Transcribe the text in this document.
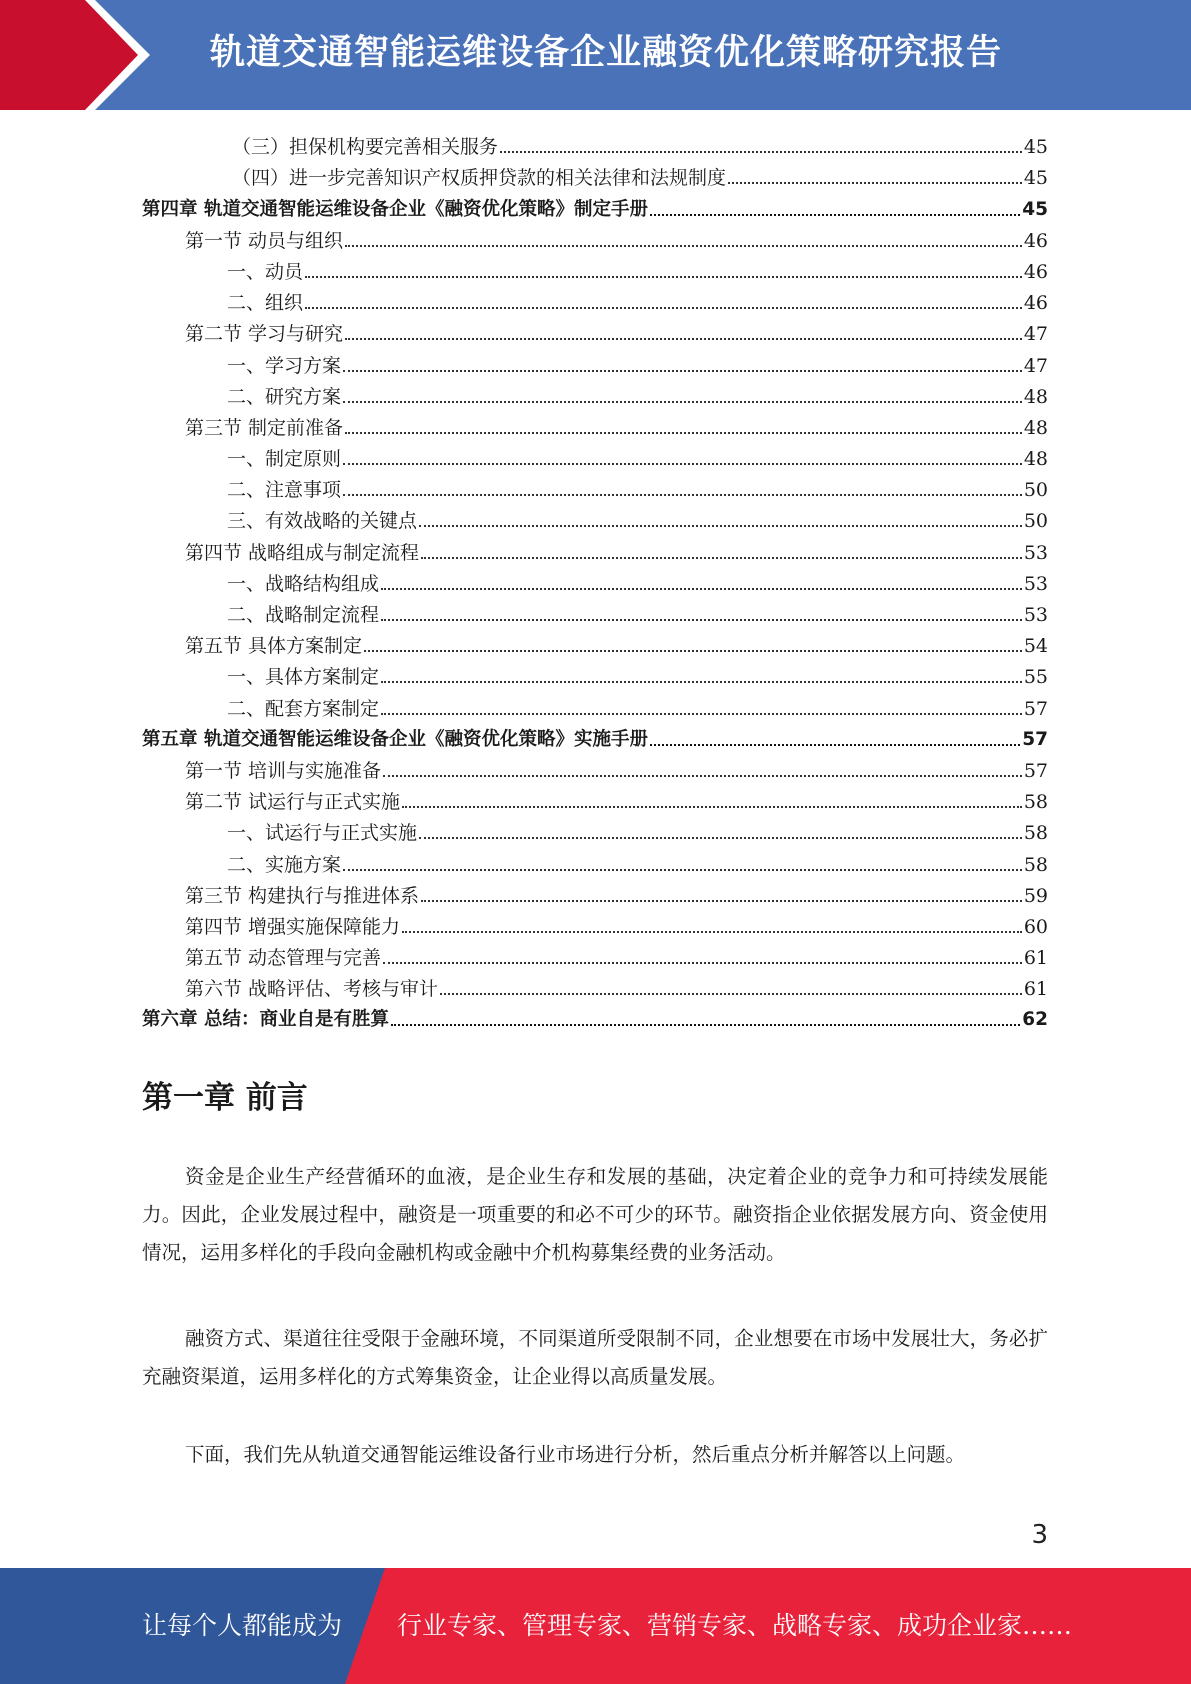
轨道交通智能运维设备企业融资优化策略研究报告
（三）担保机构要完善相关服务	45
（四）进一步完善知识产权质押贷款的相关法律和法规制度	45
第四章 轨道交通智能运维设备企业《融资优化策略》制定手册	45
第一节 动员与组织	46
一、动员	46
二、组织	46
第二节 学习与研究	47
一、学习方案	47
二、研究方案	48
第三节 制定前准备	48
一、制定原则	48
二、注意事项	50
三、有效战略的关键点	50
第四节 战略组成与制定流程	53
一、战略结构组成	53
二、战略制定流程	53
第五节 具体方案制定	54
一、具体方案制定	55
二、配套方案制定	57
第五章 轨道交通智能运维设备企业《融资优化策略》实施手册	57
第一节 培训与实施准备	57
第二节 试运行与正式实施	58
一、试运行与正式实施	58
二、实施方案	58
第三节 构建执行与推进体系	59
第四节 增强实施保障能力	60
第五节 动态管理与完善	61
第六节 战略评估、考核与审计	61
第六章 总结：商业自是有胜算	62
第一章 前言

资金是企业生产经营循环的血液，是企业生存和发展的基础，决定着企业的竞争力和可持续发展能力。因此，企业发展过程中，融资是一项重要的和必不可少的环节。融资指企业依据发展方向、资金使用情况，运用多样化的手段向金融机构或金融中介机构募集经费的业务活动。

融资方式、渠道往往受限于金融环境，不同渠道所受限制不同，企业想要在市场中发展壮大，务必扩充融资渠道，运用多样化的方式筹集资金，让企业得以高质量发展。

下面，我们先从轨道交通智能运维设备行业市场进行分析，然后重点分析并解答以上问题。

3
让每个人都能成为 行业专家、管理专家、营销专家、战略专家、成功企业家……
